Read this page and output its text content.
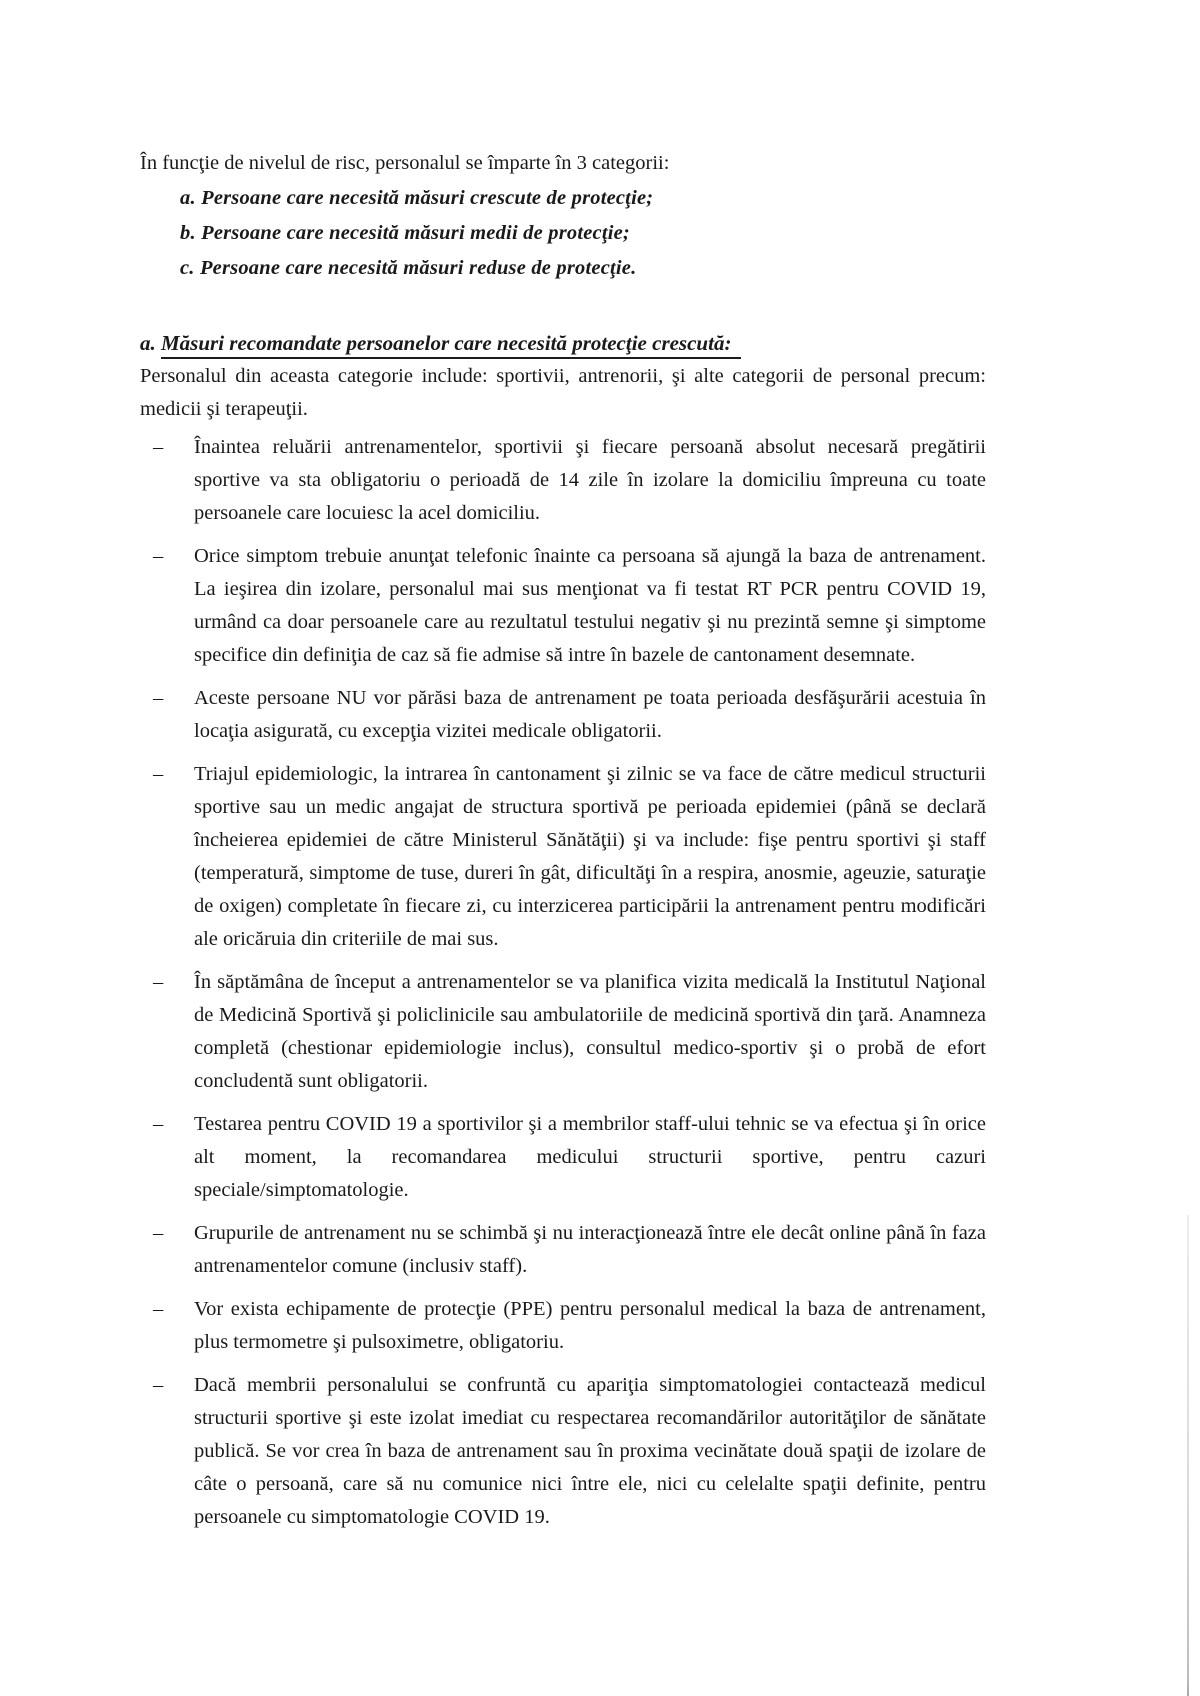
În funcţie de nivelul de risc, personalul se împarte în 3 categorii:

a. Persoane care necesită măsuri crescute de protecţie;

b. Persoane care necesită măsuri medii de protecţie;

c. Persoane care necesită măsuri reduse de protecţie.

a. Măsuri recomandate persoanelor care necesită protecţie crescută:

Personalul din aceasta categorie include: sportivii, antrenorii, şi alte categorii de personal precum: medicii şi terapeuţii.

– Înaintea reluării antrenamentelor, sportivii şi fiecare persoană absolut necesară pregătirii sportive va sta obligatoriu o perioadă de 14 zile în izolare la domiciliu împreuna cu toate persoanele care locuiesc la acel domiciliu.
– Orice simptom trebuie anunţat telefonic înainte ca persoana să ajungă la baza de antrenament. La ieşirea din izolare, personalul mai sus menţionat va fi testat RT PCR pentru COVID 19, urmând ca doar persoanele care au rezultatul testului negativ şi nu prezintă semne şi simptome specifice din definiţia de caz să fie admise să intre în bazele de cantonament desemnate.
– Aceste persoane NU vor părăsi baza de antrenament pe toata perioada desfăşurării acestuia în locaţia asigurată, cu excepţia vizitei medicale obligatorii.
– Triajul epidemiologic, la intrarea în cantonament şi zilnic se va face de către medicul structurii sportive sau un medic angajat de structura sportivă pe perioada epidemiei (până se declară încheierea epidemiei de către Ministerul Sănătăţii) şi va include: fişe pentru sportivi şi staff (temperatură, simptome de tuse, dureri în gât, dificultăţi în a respira, anosmie, ageuzie, saturaţie de oxigen) completate în fiecare zi, cu interzicerea participării la antrenament pentru modificări ale oricăruia din criteriile de mai sus.
– În săptămâna de început a antrenamentelor se va planifica vizita medicală la Institutul Naţional de Medicină Sportivă şi policlinicile sau ambulatoriile de medicină sportivă din ţară. Anamneza completă (chestionar epidemiologie inclus), consultul medico-sportiv şi o probă de efort concludentă sunt obligatorii.
– Testarea pentru COVID 19 a sportivilor şi a membrilor staff-ului tehnic se va efectua şi în orice alt moment, la recomandarea medicului structurii sportive, pentru cazuri speciale/simptomatologie.
– Grupurile de antrenament nu se schimbă şi nu interacţionează între ele decât online până în faza antrenamentelor comune (inclusiv staff).
– Vor exista echipamente de protecţie (PPE) pentru personalul medical la baza de antrenament, plus termometre şi pulsoximetre, obligatoriu.
– Dacă membrii personalului se confruntă cu apariţia simptomatologiei contactează medicul structurii sportive şi este izolat imediat cu respectarea recomandărilor autorităţilor de sănătate publică. Se vor crea în baza de antrenament sau în proxima vecinătate două spaţii de izolare de câte o persoană, care să nu comunice nici între ele, nici cu celelalte spaţii definite, pentru persoanele cu simptomatologie COVID 19.
